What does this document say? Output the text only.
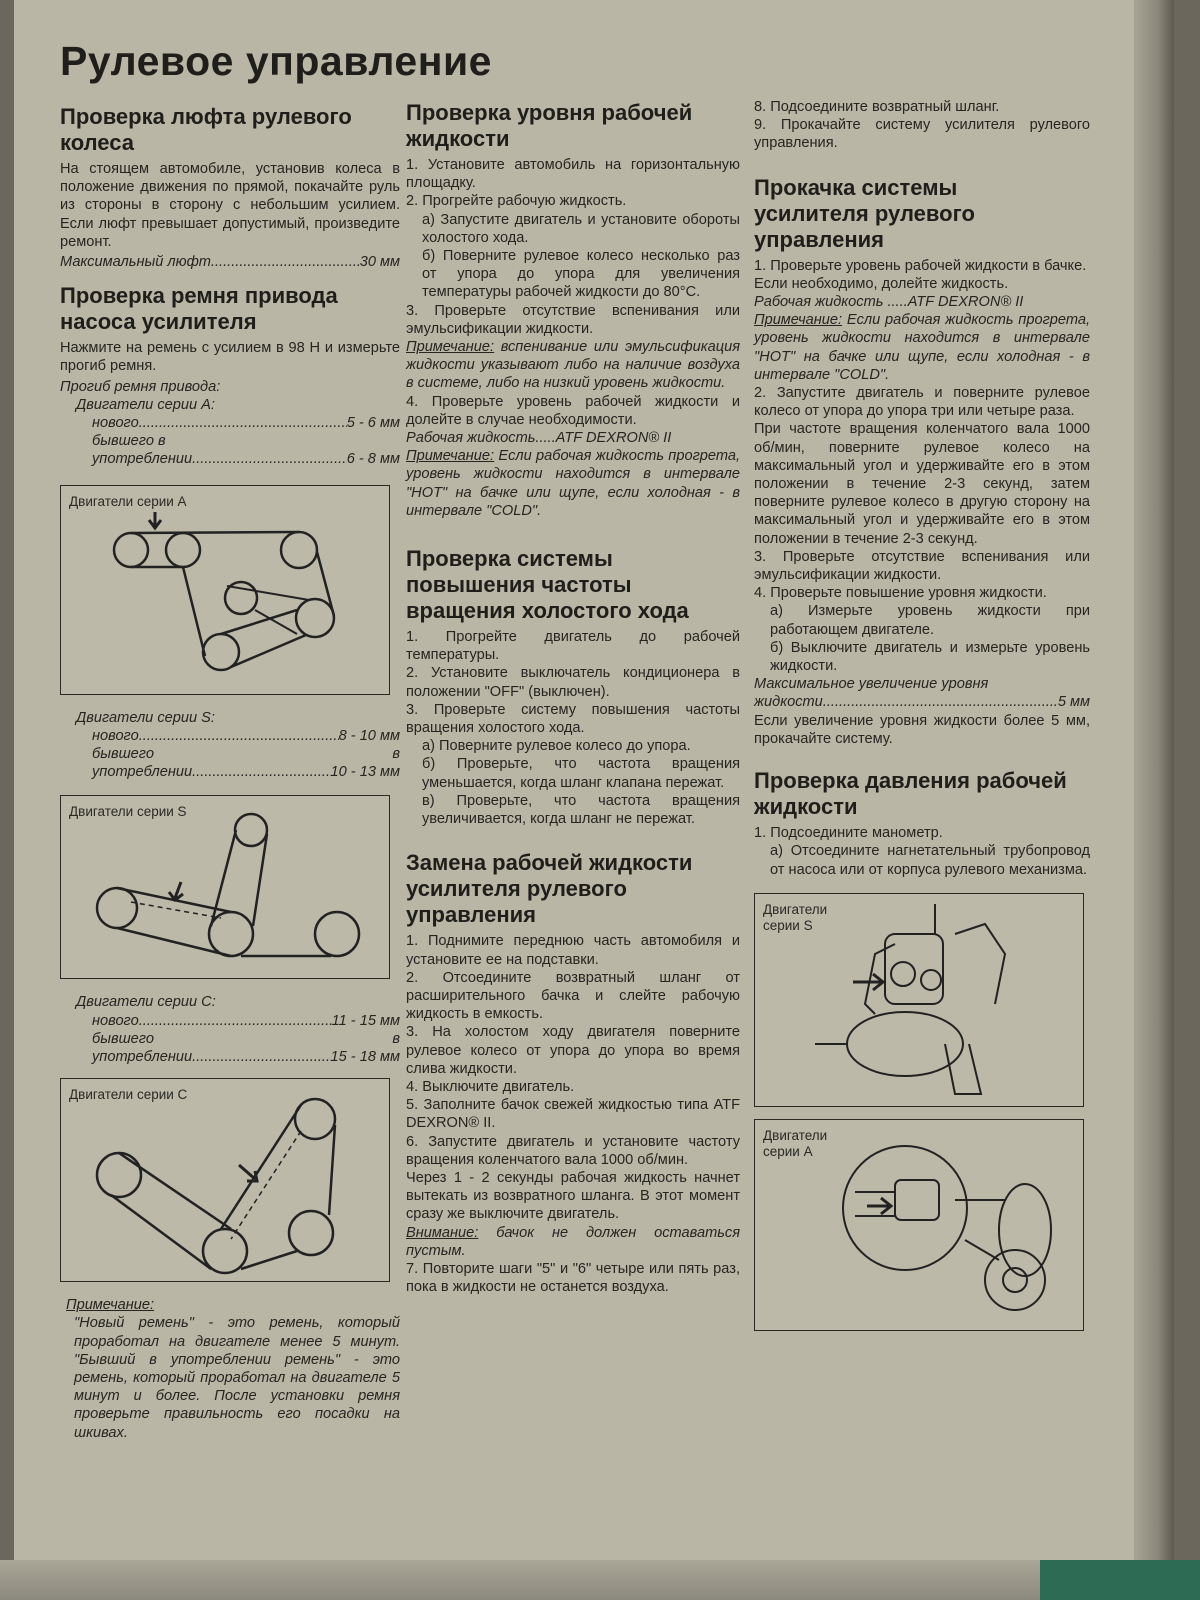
Рулевое управление
Проверка люфта рулевого колеса

На стоящем автомобиле, установив колеса в положение движения по прямой, покачайте руль из стороны в сторону с небольшим усилием. Если люфт превышает допустимый, произведите ремонт.

Максимальный люфт .....	30 мм
Проверка ремня привода насоса усилителя

Нажмите на ремень с усилием в 98 Н и измерьте прогиб ремня.

Прогиб ремня привода:
Двигатели серии A:
нового .....	5 - 6 мм
бывшего в
употреблении .....	6 - 8 мм
Двигатели серии A
Двигатели серии S:
нового .....	8 - 10 мм
бывшего	в
употреблении .....	10 - 13 мм
Двигатели серии S
Двигатели серии C:
нового .....	11 - 15 мм
бывшего	в
употреблении .....	15 - 18 мм
Двигатели серии C
Примечание:

"Новый ремень" - это ремень, который проработал на двигателе менее 5 минут. "Бывший в употреблении ремень" - это ремень, который проработал на двигателе 5 минут и более. После установки ремня проверьте правильность его посадки на шкивах.

Проверка уровня рабочей жидкости

1. Установите автомобиль на горизонтальную площадку.

2. Прогрейте рабочую жидкость.

а) Запустите двигатель и установите обороты холостого хода.

б) Поверните рулевое колесо несколько раз от упора до упора для увеличения температуры рабочей жидкости до 80°C.

3. Проверьте отсутствие вспенивания или эмульсификации жидкости.

Примечание: вспенивание или эмульсификация жидкости указывают либо на наличие воздуха в системе, либо на низкий уровень жидкости.

4. Проверьте уровень рабочей жидкости и долейте в случае необходимости.

Рабочая жидкость.....ATF DEXRON® II

Примечание: Если рабочая жидкость прогрета, уровень жидкости находится в интервале "HOT" на бачке или щупе, если холодная - в интервале "COLD".

Проверка системы повышения частоты вращения холостого хода

1. Прогрейте двигатель до рабочей температуры.

2. Установите выключатель кондиционера в положении "OFF" (выключен).

3. Проверьте систему повышения частоты вращения холостого хода.

а) Поверните рулевое колесо до упора.

б) Проверьте, что частота вращения уменьшается, когда шланг клапана пережат.

в) Проверьте, что частота вращения увеличивается, когда шланг не пережат.

Замена рабочей жидкости усилителя рулевого управления

1. Поднимите переднюю часть автомобиля и установите ее на подставки.

2. Отсоедините возвратный шланг от расширительного бачка и слейте рабочую жидкость в емкость.

3. На холостом ходу двигателя поверните рулевое колесо от упора до упора во время слива жидкости.

4. Выключите двигатель.

5. Заполните бачок свежей жидкостью типа ATF DEXRON® II.

6. Запустите двигатель и установите частоту вращения коленчатого вала 1000 об/мин.

Через 1 - 2 секунды рабочая жидкость начнет вытекать из возвратного шланга. В этот момент сразу же выключите двигатель.

Внимание: бачок не должен оставаться пустым.

7. Повторите шаги "5" и "6" четыре или пять раз, пока в жидкости не останется воздуха.

8. Подсоедините возвратный шланг.

9. Прокачайте систему усилителя рулевого управления.

Прокачка системы усилителя рулевого управления

1. Проверьте уровень рабочей жидкости в бачке.

Если необходимо, долейте жидкость.

Рабочая жидкость .....ATF DEXRON® II

Примечание: Если рабочая жидкость прогрета, уровень жидкости находится в интервале "HOT" на бачке или щупе, если холодная - в интервале "COLD".

2. Запустите двигатель и поверните рулевое колесо от упора до упора три или четыре раза.

При частоте вращения коленчатого вала 1000 об/мин, поверните рулевое колесо на максимальный угол и удерживайте его в этом положении в течение 2-3 секунд, затем поверните рулевое колесо в другую сторону на максимальный угол и удерживайте его в этом положении в течение 2-3 секунд.

3. Проверьте отсутствие вспенивания или эмульсификации жидкости.

4. Проверьте повышение уровня жидкости.

а) Измерьте уровень жидкости при работающем двигателе.

б) Выключите двигатель и измерьте уровень жидкости.

Максимальное увеличение уровня
жидкости .....	5 мм

Если увеличение уровня жидкости более 5 мм, прокачайте систему.

Проверка давления рабочей жидкости

1. Подсоедините манометр.

а) Отсоедините нагнетательный трубопровод от насоса или от корпуса рулевого механизма.

Двигатели
серии S
Двигатели
серии A
